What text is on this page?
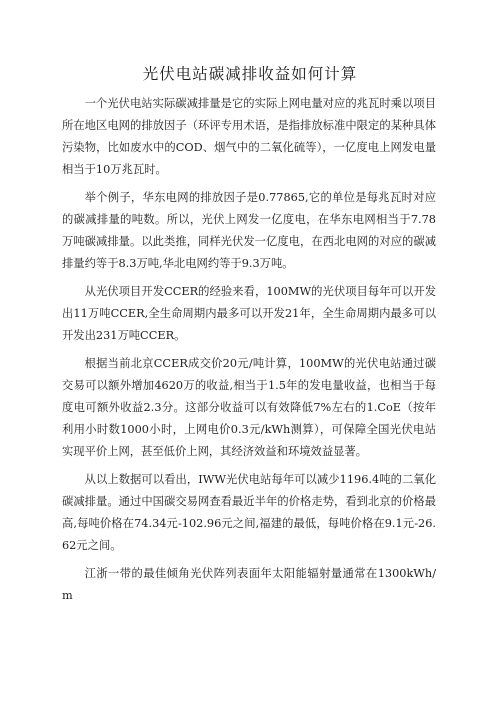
光伏电站碳减排收益如何计算

一个光伏电站实际碳减排量是它的实际上网电量对应的兆瓦时乘以项目所在地区电网的排放因子（环评专用术语，是指排放标准中限定的某种具体污染物，比如废水中的COD、烟气中的二氧化硫等），一亿度电上网发电量相当于10万兆瓦时。

举个例子，华东电网的排放因子是0.77865,它的单位是每兆瓦时对应的碳减排量的吨数。所以，光伏上网发一亿度电，在华东电网相当于7.78万吨碳减排量。以此类推，同样光伏发一亿度电，在西北电网的对应的碳减排量约等于8.3万吨,华北电网约等于9.3万吨。

从光伏项目开发CCER的经验来看，100MW的光伏项目每年可以开发出11万吨CCER,全生命周期内最多可以开发21年，全生命周期内最多可以开发出231万吨CCER。

根据当前北京CCER成交价20元/吨计算，100MW的光伏电站通过碳交易可以额外增加4620万的收益,相当于1.5年的发电量收益，也相当于每度电可额外收益2.3分。这部分收益可以有效降低7%左右的1.CoE（按年利用小时数1000小时，上网电价0.3元/kWh测算），可保障全国光伏电站实现平价上网，甚至低价上网，其经济效益和环境效益显著。

从以上数据可以看出，IWW光伏电站每年可以减少1196.4吨的二氧化碳减排量。通过中国碳交易网查看最近半年的价格走势，看到北京的价格最高,每吨价格在74.34元-102.96元之间,福建的最低，每吨价格在9.1元-26.62元之间。

江浙一带的最佳倾角光伏阵列表面年太阳能辐射量通常在1300kWh/m
